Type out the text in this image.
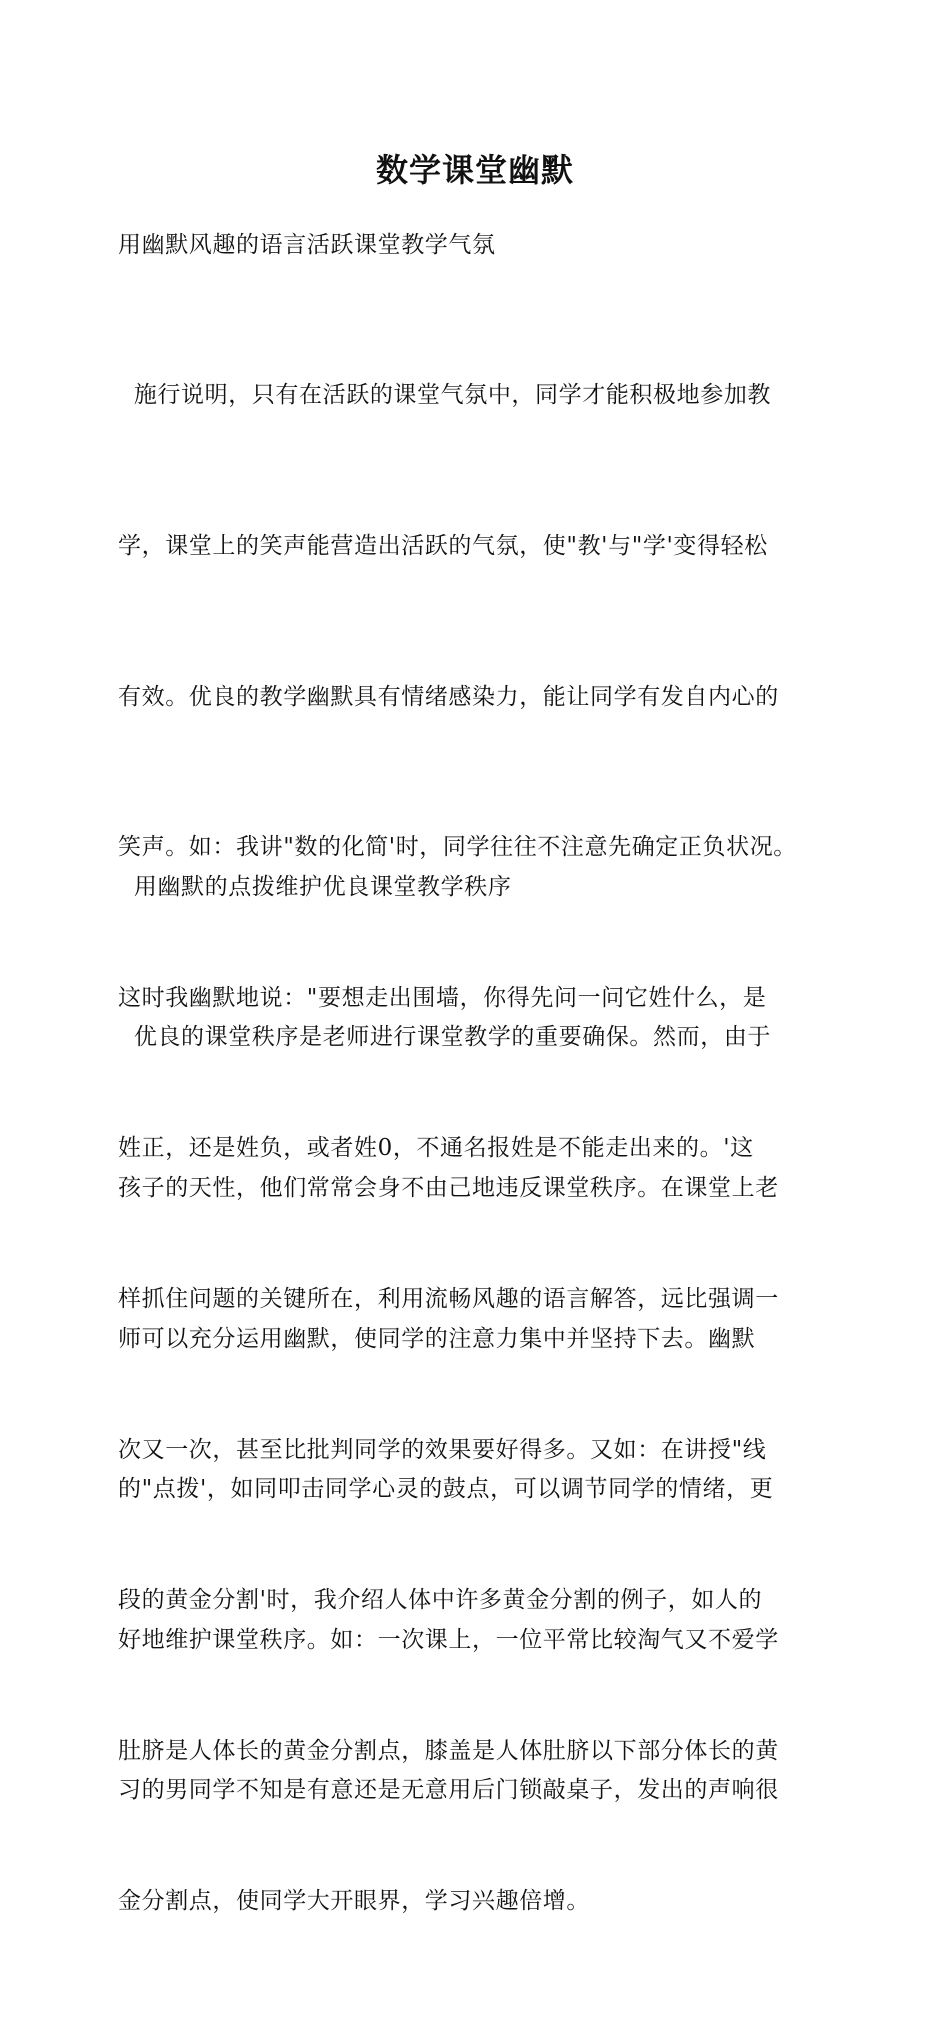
数学课堂幽默
用幽默风趣的语言活跃课堂教学气氛

施行说明，只有在活跃的课堂气氛中，同学才能积极地参加教

学，课堂上的笑声能营造出活跃的气氛，使"教'与"学'变得轻松

有效。优良的教学幽默具有情绪感染力，能让同学有发自内心的

笑声。如：我讲"数的化简'时，同学往往不注意先确定正负状况。

这时我幽默地说："要想走出围墙，你得先问一问它姓什么，是

姓正，还是姓负，或者姓0，不通名报姓是不能走出来的。'这

样抓住问题的关键所在，利用流畅风趣的语言解答，远比强调一

次又一次，甚至比批判同学的效果要好得多。又如：在讲授"线

段的黄金分割'时，我介绍人体中许多黄金分割的例子，如人的

肚脐是人体长的黄金分割点，膝盖是人体肚脐以下部分体长的黄

金分割点，使同学大开眼界，学习兴趣倍增。

用幽默的点拨维护优良课堂教学秩序

优良的课堂秩序是老师进行课堂教学的重要确保。然而，由于

孩子的天性，他们常常会身不由己地违反课堂秩序。在课堂上老

师可以充分运用幽默，使同学的注意力集中并坚持下去。幽默

的"点拨'，如同叩击同学心灵的鼓点，可以调节同学的情绪，更

好地维护课堂秩序。如：一次课上，一位平常比较淘气又不爱学

习的男同学不知是有意还是无意用后门锁敲桌子，发出的声响很
